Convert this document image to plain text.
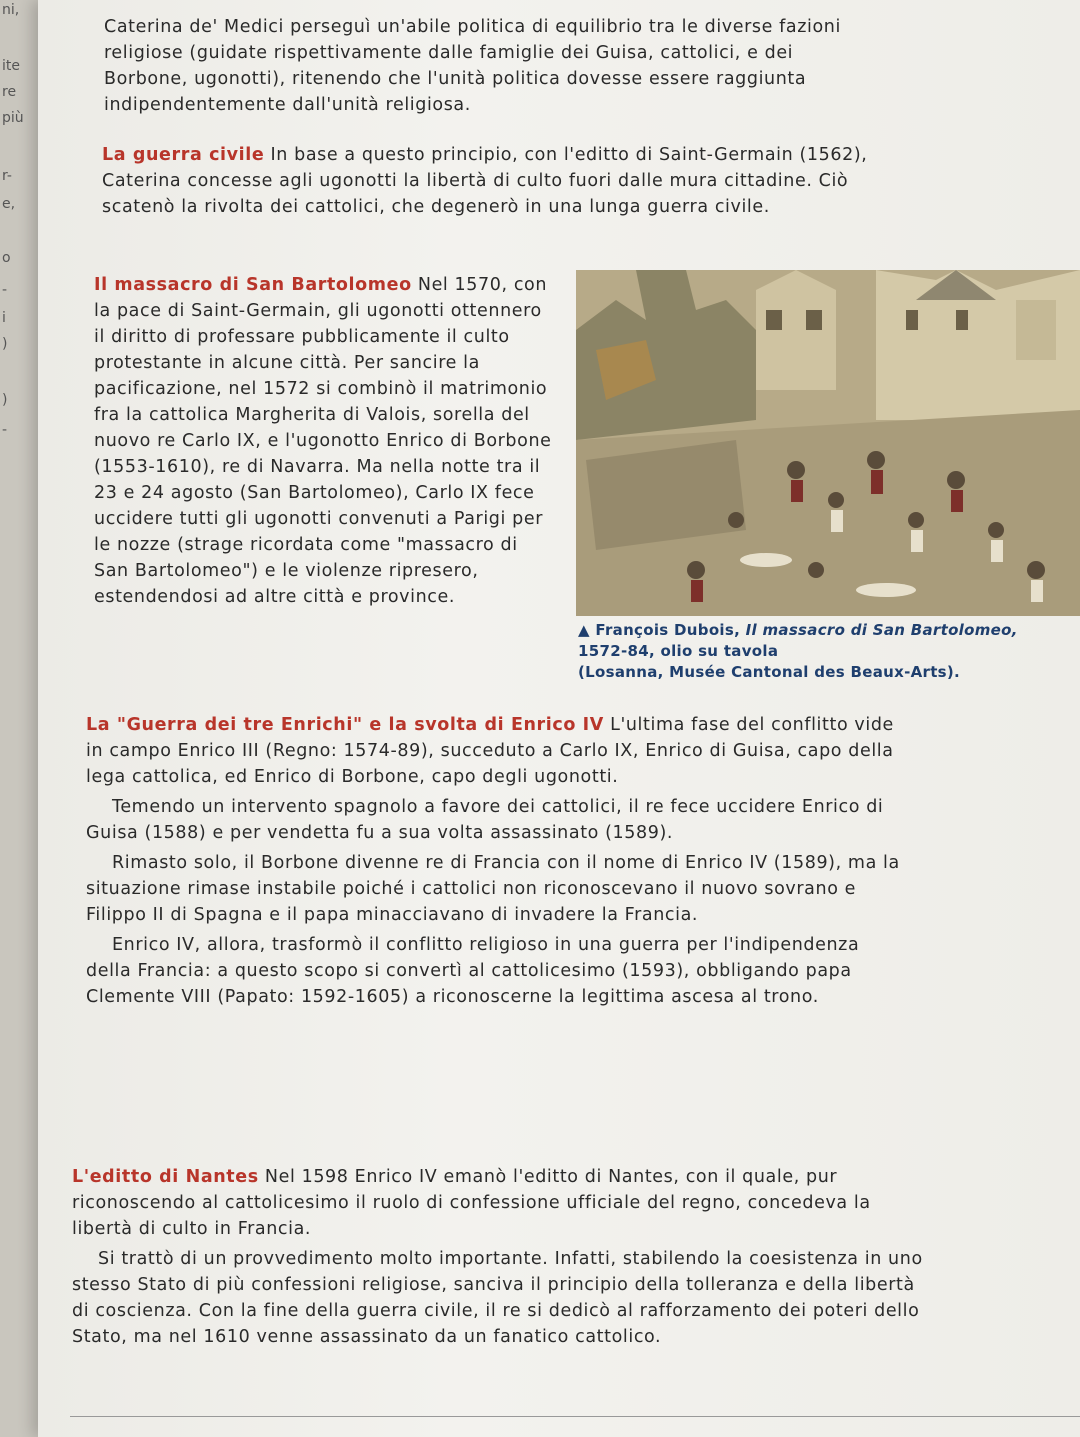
ni,
ite
re
più
r-
e,
o
-
i
)
)
-

Caterina de' Medici perseguì un'abile politica di equilibrio tra le diverse fazioni religiose (guidate rispettivamente dalle famiglie dei Guisa, cattolici, e dei Borbone, ugonotti), ritenendo che l'unità politica dovesse essere raggiunta indipendentemente dall'unità religiosa.

La guerra civile In base a questo principio, con l'editto di Saint-Germain (1562), Caterina concesse agli ugonotti la libertà di culto fuori dalle mura cittadine. Ciò scatenò la rivolta dei cattolici, che degenerò in una lunga guerra civile.

Il massacro di San Bartolomeo Nel 1570, con la pace di Saint-Germain, gli ugonotti ottennero il diritto di professare pubblicamente il culto protestante in alcune città. Per sancire la pacificazione, nel 1572 si combinò il matrimonio fra la cattolica Margherita di Valois, sorella del nuovo re Carlo IX, e l'ugonotto Enrico di Borbone (1553-1610), re di Navarra. Ma nella notte tra il 23 e 24 agosto (San Bartolomeo), Carlo IX fece uccidere tutti gli ugonotti convenuti a Parigi per le nozze (strage ricordata come "massacro di San Bartolomeo") e le violenze ripresero, estendendosi ad altre città e province.

▲ François Dubois, Il massacro di San Bartolomeo, 1572-84, olio su tavola
(Losanna, Musée Cantonal des Beaux-Arts).

La "Guerra dei tre Enrichi" e la svolta di Enrico IV L'ultima fase del conflitto vide in campo Enrico III (Regno: 1574-89), succeduto a Carlo IX, Enrico di Guisa, capo della lega cattolica, ed Enrico di Borbone, capo degli ugonotti.

Temendo un intervento spagnolo a favore dei cattolici, il re fece uccidere Enrico di Guisa (1588) e per vendetta fu a sua volta assassinato (1589).

Rimasto solo, il Borbone divenne re di Francia con il nome di Enrico IV (1589), ma la situazione rimase instabile poiché i cattolici non riconoscevano il nuovo sovrano e Filippo II di Spagna e il papa minacciavano di invadere la Francia.

Enrico IV, allora, trasformò il conflitto religioso in una guerra per l'indipendenza della Francia: a questo scopo si convertì al cattolicesimo (1593), obbligando papa Clemente VIII (Papato: 1592-1605) a riconoscerne la legittima ascesa al trono.

L'editto di Nantes Nel 1598 Enrico IV emanò l'editto di Nantes, con il quale, pur riconoscendo al cattolicesimo il ruolo di confessione ufficiale del regno, concedeva la libertà di culto in Francia.

Si trattò di un provvedimento molto importante. Infatti, stabilendo la coesistenza in uno stesso Stato di più confessioni religiose, sanciva il principio della tolleranza e della libertà di coscienza. Con la fine della guerra civile, il re si dedicò al rafforzamento dei poteri dello Stato, ma nel 1610 venne assassinato da un fanatico cattolico.
